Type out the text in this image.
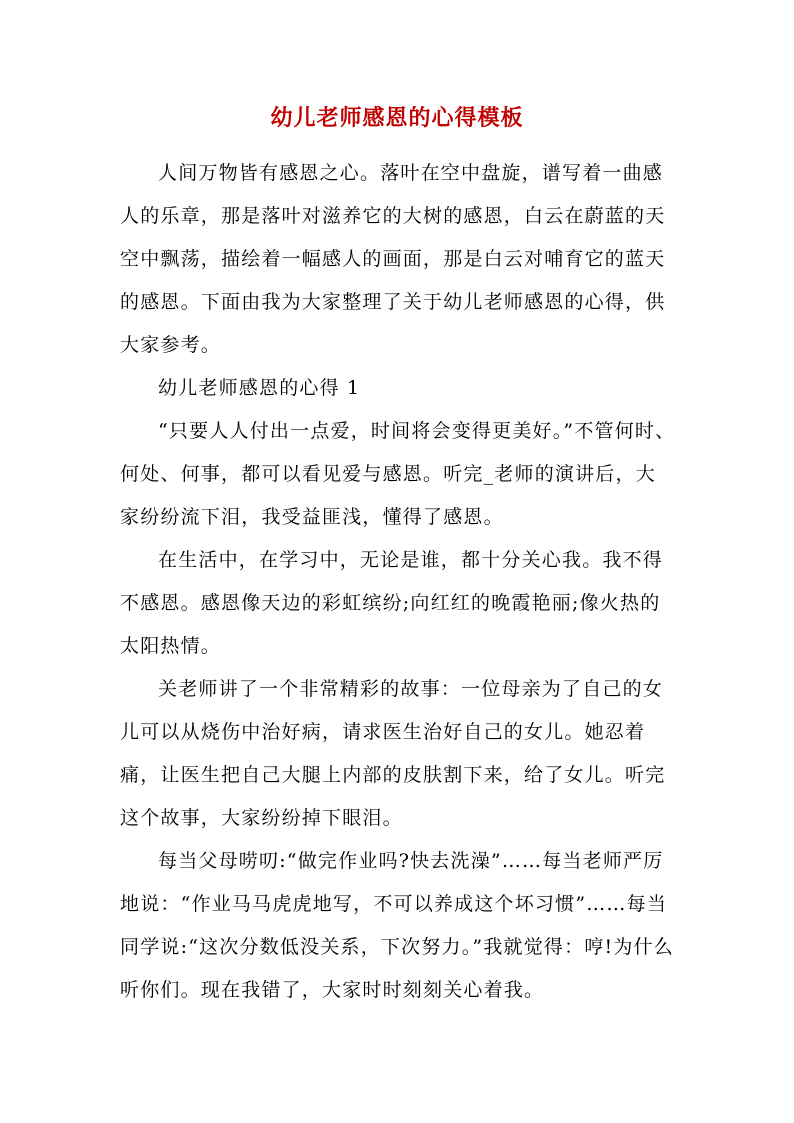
幼儿老师感恩的心得模板

人间万物皆有感恩之心。落叶在空中盘旋，谱写着一曲感人的乐章，那是落叶对滋养它的大树的感恩，白云在蔚蓝的天空中飘荡，描绘着一幅感人的画面，那是白云对哺育它的蓝天的感恩。下面由我为大家整理了关于幼儿老师感恩的心得，供大家参考。

幼儿老师感恩的心得 1

“只要人人付出一点爱，时间将会变得更美好。”不管何时、何处、何事，都可以看见爱与感恩。听完_老师的演讲后，大家纷纷流下泪，我受益匪浅，懂得了感恩。

在生活中，在学习中，无论是谁，都十分关心我。我不得不感恩。感恩像天边的彩虹缤纷;向红红的晚霞艳丽;像火热的太阳热情。

关老师讲了一个非常精彩的故事：一位母亲为了自己的女儿可以从烧伤中治好病，请求医生治好自己的女儿。她忍着痛，让医生把自己大腿上内部的皮肤割下来，给了女儿。听完这个故事，大家纷纷掉下眼泪。

每当父母唠叨:“做完作业吗?快去洗澡”……每当老师严厉地说：“作业马马虎虎地写，不可以养成这个坏习惯”……每当同学说:“这次分数低没关系，下次努力。”我就觉得：哼!为什么听你们。现在我错了，大家时时刻刻关心着我。
